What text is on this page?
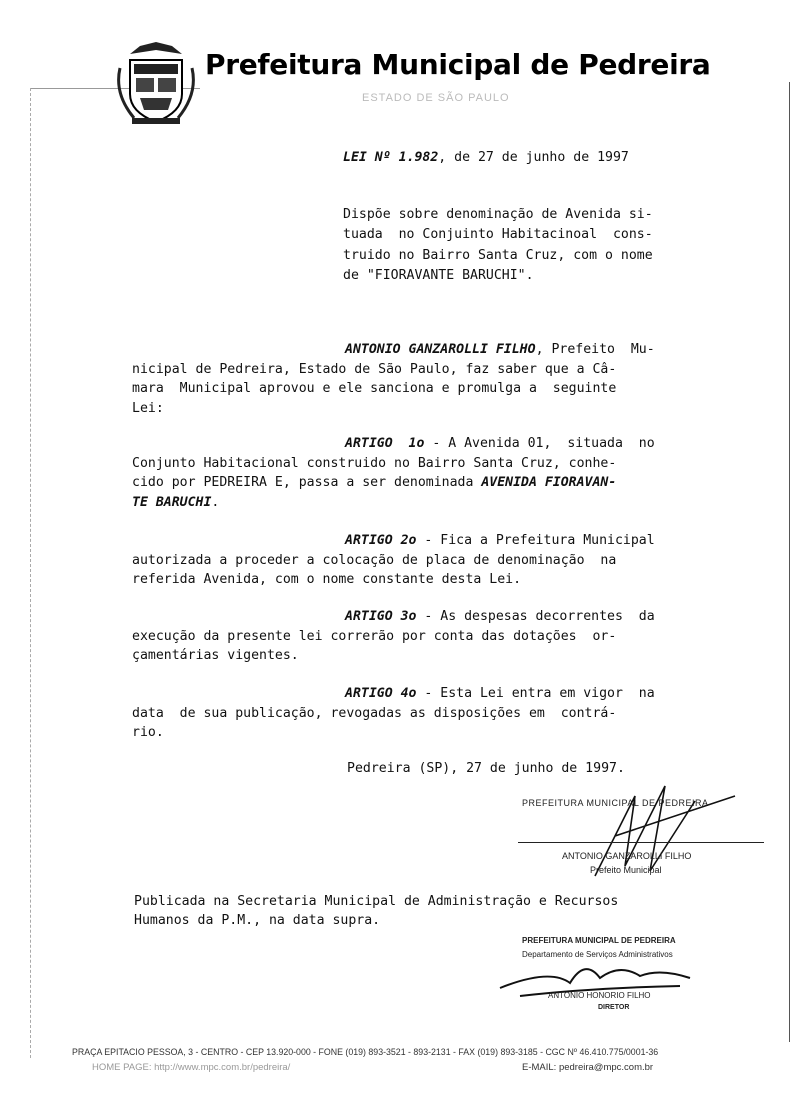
Prefeitura Municipal de Pedreira
ESTADO DE SÃO PAULO
LEI Nº 1.982, de 27 de junho de 1997
Dispõe sobre denominação de Avenida si-
tuada  no Conjuinto Habitacinoal  cons-
truido no Bairro Santa Cruz, com o nome
de "FIORAVANTE BARUCHI".
ANTONIO GANZAROLLI FILHO, Prefeito  Mu-
nicipal de Pedreira, Estado de São Paulo, faz saber que a Câ-
mara  Municipal aprovou e ele sanciona e promulga a  seguinte
Lei:
ARTIGO  1o - A Avenida 01,  situada  no
Conjunto Habitacional construido no Bairro Santa Cruz, conhe-
cido por PEDREIRA E, passa a ser denominada AVENIDA FIORAVAN-
TE BARUCHI.
ARTIGO 2o - Fica a Prefeitura Municipal
autorizada a proceder a colocação de placa de denominação  na
referida Avenida, com o nome constante desta Lei.
ARTIGO 3o - As despesas decorrentes  da
execução da presente lei correrão por conta das dotações  or-
çamentárias vigentes.
ARTIGO 4o - Esta Lei entra em vigor  na
data  de sua publicação, revogadas as disposições em  contrá-
rio.
Pedreira (SP), 27 de junho de 1997.
PREFEITURA MUNICIPAL DE PEDREIRA
ANTONIO GANZAROLLI FILHO
Prefeito Municipal
Publicada na Secretaria Municipal de Administração e Recursos
Humanos da P.M., na data supra.
PREFEITURA MUNICIPAL DE PEDREIRA
Departamento de Serviços Administrativos
ANTONIO HONORIO FILHO
DIRETOR
PRAÇA EPITACIO PESSOA, 3 - CENTRO - CEP 13.920-000 - FONE (019) 893-3521 - 893-2131 - FAX (019) 893-3185 - CGC Nº 46.410.775/0001-36
HOME PAGE: http://www.mpc.com.br/pedreira/	E-MAIL: pedreira@mpc.com.br
